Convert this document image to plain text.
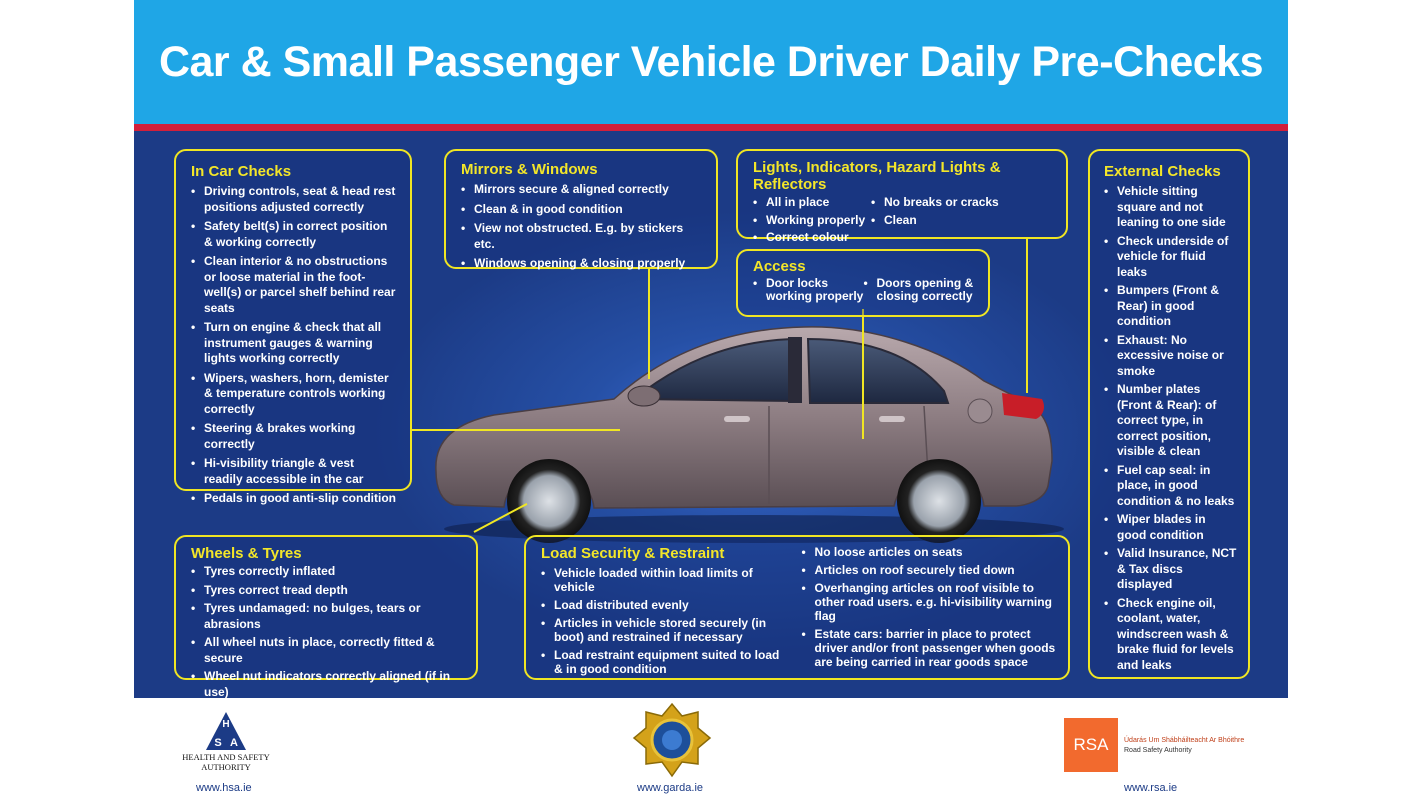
Car & Small Passenger Vehicle Driver Daily Pre-Checks
In Car Checks
• Driving controls, seat & head rest positions adjusted correctly
• Safety belt(s) in correct position & working correctly
• Clean interior & no obstructions or loose material in the foot-well(s) or parcel shelf behind rear seats
• Turn on engine & check that all instrument gauges & warning lights working correctly
• Wipers, washers, horn, demister & temperature controls working correctly
• Steering & brakes working correctly
• Hi-visibility triangle & vest readily accessible in the car
• Pedals in good anti-slip condition
Mirrors & Windows
• Mirrors secure & aligned correctly
• Clean & in good condition
• View not obstructed. E.g. by stickers etc.
• Windows opening & closing properly
Lights, Indicators, Hazard Lights & Reflectors
• All in place
• Working properly
• Correct colour
• No breaks or cracks
• Clean
Access
• Door locks working properly
• Doors opening & closing correctly
External Checks
• Vehicle sitting square and not leaning to one side
• Check underside of vehicle for fluid leaks
• Bumpers (Front & Rear) in good condition
• Exhaust: No excessive noise or smoke
• Number plates (Front & Rear): of correct type, in correct position, visible & clean
• Fuel cap seal: in place, in good condition & no leaks
• Wiper blades in good condition
• Valid Insurance, NCT & Tax discs displayed
• Check engine oil, coolant, water, windscreen wash & brake fluid for levels and leaks
Wheels & Tyres
• Tyres correctly inflated
• Tyres correct tread depth
• Tyres undamaged: no bulges, tears or abrasions
• All wheel nuts in place, correctly fitted & secure
• Wheel nut indicators correctly aligned (if in use)
•
Load Security & Restraint
• Vehicle loaded within load limits of vehicle
• Load distributed evenly
• Articles in vehicle stored securely (in boot) and restrained if necessary
• Load restraint equipment suited to load & in good condition
• No loose articles on seats
• Articles on roof securely tied down
• Overhanging articles on roof visible to other road users. e.g. hi-visibility warning flag
• Estate cars: barrier in place to protect driver and/or front passenger when goods are being carried in rear goods space
H
S A
HEALTH AND SAFETY AUTHORITY
www.hsa.ie	www.garda.ie
RSA	Údarás Um Shábháilteacht Ar Bhóithre
Road Safety Authority
www.rsa.ie
